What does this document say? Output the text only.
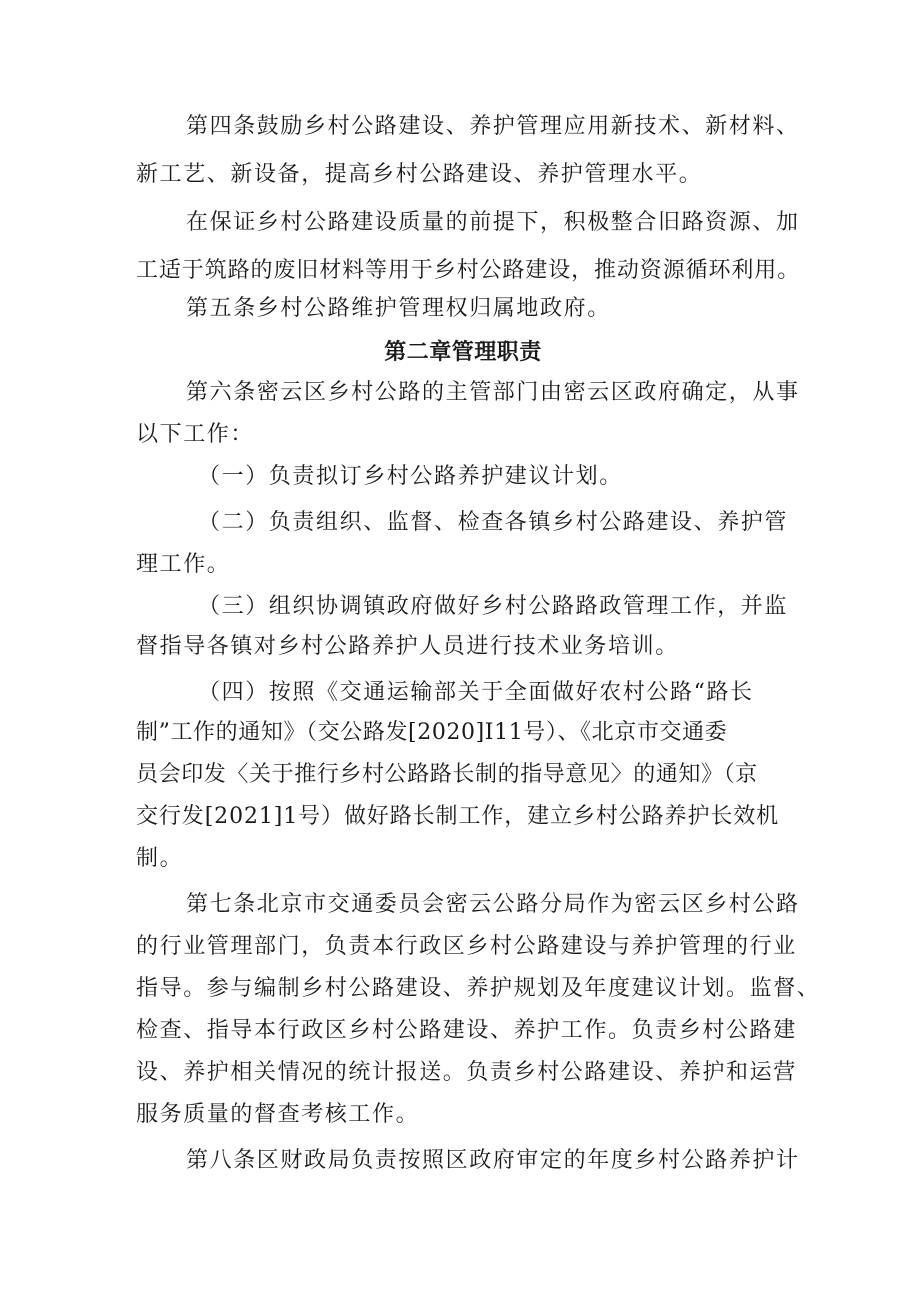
第四条鼓励乡村公路建设、养护管理应用新技术、新材料、
新工艺、新设备，提高乡村公路建设、养护管理水平。
在保证乡村公路建设质量的前提下，积极整合旧路资源、加
工适于筑路的废旧材料等用于乡村公路建设，推动资源循环利用。
第五条乡村公路维护管理权归属地政府。
第二章管理职责
第六条密云区乡村公路的主管部门由密云区政府确定，从事
以下工作：
（一）负责拟订乡村公路养护建议计划。
（二）负责组织、监督、检查各镇乡村公路建设、养护管
理工作。
（三）组织协调镇政府做好乡村公路路政管理工作，并监
督指导各镇对乡村公路养护人员进行技术业务培训。
（四）按照《交通运输部关于全面做好农村公路“路长
制”工作的通知》（交公路发[2020]I11号）、《北京市交通委
员会印发〈关于推行乡村公路路长制的指导意见〉的通知》（京
交行发[2021]1号）做好路长制工作，建立乡村公路养护长效机
制。
第七条北京市交通委员会密云公路分局作为密云区乡村公路
的行业管理部门，负责本行政区乡村公路建设与养护管理的行业
指导。参与编制乡村公路建设、养护规划及年度建议计划。监督、
检查、指导本行政区乡村公路建设、养护工作。负责乡村公路建
设、养护相关情况的统计报送。负责乡村公路建设、养护和运营
服务质量的督查考核工作。
第八条区财政局负责按照区政府审定的年度乡村公路养护计
